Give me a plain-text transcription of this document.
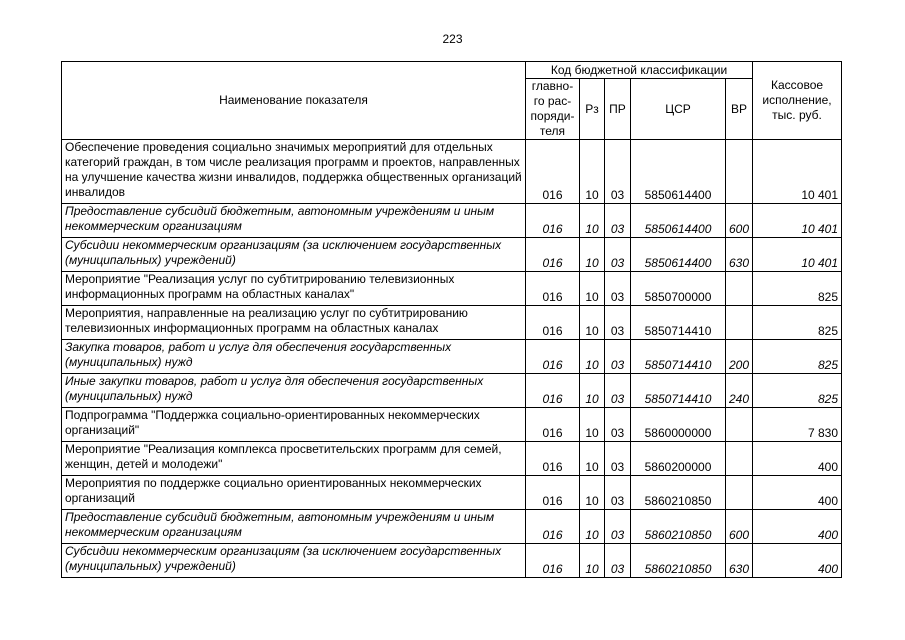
223
Наименование показателя	Код бюджетной классификации					Кассовое исполнение, тыс. руб.
	главно-го рас-поряди-теля	Рз	ПР	ЦСР	ВР	
Обеспечение проведения социально значимых мероприятий для отдельных категорий граждан, в том числе реализация программ и проектов, направленных на улучшение качества жизни инвалидов, поддержка общественных организаций инвалидов	016	10	03	5850614400		10 401
Предоставление субсидий бюджетным, автономным учреждениям и иным некоммерческим организациям	016	10	03	5850614400	600	10 401
Субсидии некоммерческим организациям (за исключением государственных (муниципальных) учреждений)	016	10	03	5850614400	630	10 401
Мероприятие "Реализация услуг по субтитрированию телевизионных информационных программ на областных каналах"	016	10	03	5850700000		825
Мероприятия, направленные на реализацию услуг по субтитрированию телевизионных информационных программ на областных каналах	016	10	03	5850714410		825
Закупка товаров, работ и услуг для обеспечения государственных (муниципальных) нужд	016	10	03	5850714410	200	825
Иные закупки товаров, работ и услуг для обеспечения государственных (муниципальных) нужд	016	10	03	5850714410	240	825
Подпрограмма "Поддержка социально-ориентированных некоммерческих организаций"	016	10	03	5860000000		7 830
Мероприятие "Реализация комплекса просветительских программ для семей, женщин, детей и молодежи"	016	10	03	5860200000		400
Мероприятия по поддержке социально ориентированных некоммерческих организаций	016	10	03	5860210850		400
Предоставление субсидий бюджетным, автономным учреждениям и иным некоммерческим организациям	016	10	03	5860210850	600	400
Субсидии некоммерческим организациям (за исключением государственных (муниципальных) учреждений)	016	10	03	5860210850	630	400
